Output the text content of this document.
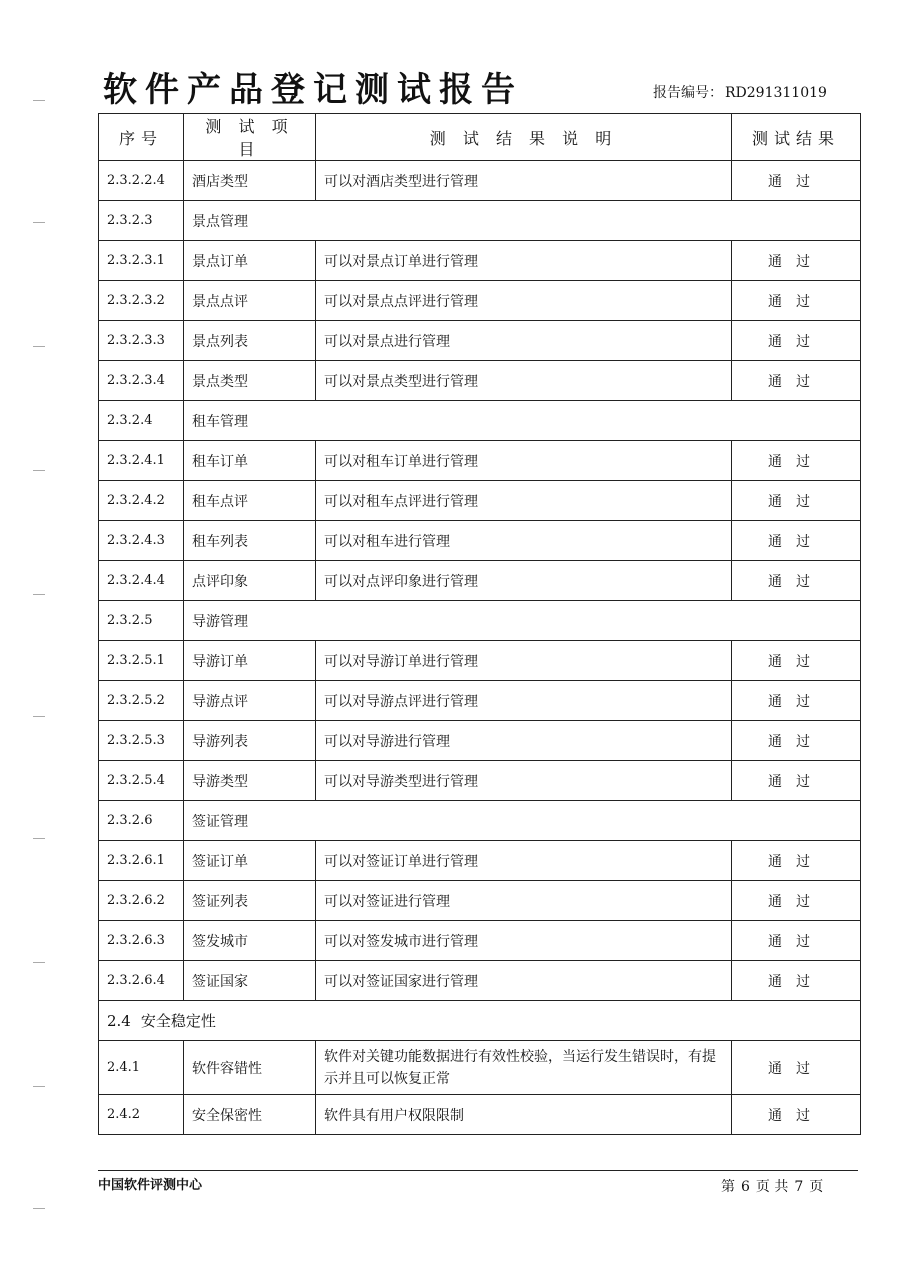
软件产品登记测试报告	报告编号： RD291311019
序号	测 试 项 目	测 试 结 果 说 明	测试结果
2.3.2.2.4	酒店类型	可以对酒店类型进行管理	通过
2.3.2.3	景点管理		
2.3.2.3.1	景点订单	可以对景点订单进行管理	通过
2.3.2.3.2	景点点评	可以对景点点评进行管理	通过
2.3.2.3.3	景点列表	可以对景点进行管理	通过
2.3.2.3.4	景点类型	可以对景点类型进行管理	通过
2.3.2.4	租车管理		
2.3.2.4.1	租车订单	可以对租车订单进行管理	通过
2.3.2.4.2	租车点评	可以对租车点评进行管理	通过
2.3.2.4.3	租车列表	可以对租车进行管理	通过
2.3.2.4.4	点评印象	可以对点评印象进行管理	通过
2.3.2.5	导游管理		
2.3.2.5.1	导游订单	可以对导游订单进行管理	通过
2.3.2.5.2	导游点评	可以对导游点评进行管理	通过
2.3.2.5.3	导游列表	可以对导游进行管理	通过
2.3.2.5.4	导游类型	可以对导游类型进行管理	通过
2.3.2.6	签证管理		
2.3.2.6.1	签证订单	可以对签证订单进行管理	通过
2.3.2.6.2	签证列表	可以对签证进行管理	通过
2.3.2.6.3	签发城市	可以对签发城市进行管理	通过
2.3.2.6.4	签证国家	可以对签证国家进行管理	通过
2.4 安全稳定性			
2.4.1	软件容错性	软件对关键功能数据进行有效性校验，当运行发生错误时，有提示并且可以恢复正常	通过
2.4.2	安全保密性	软件具有用户权限限制	通过
中国软件评测中心	第 6 页 共 7 页
